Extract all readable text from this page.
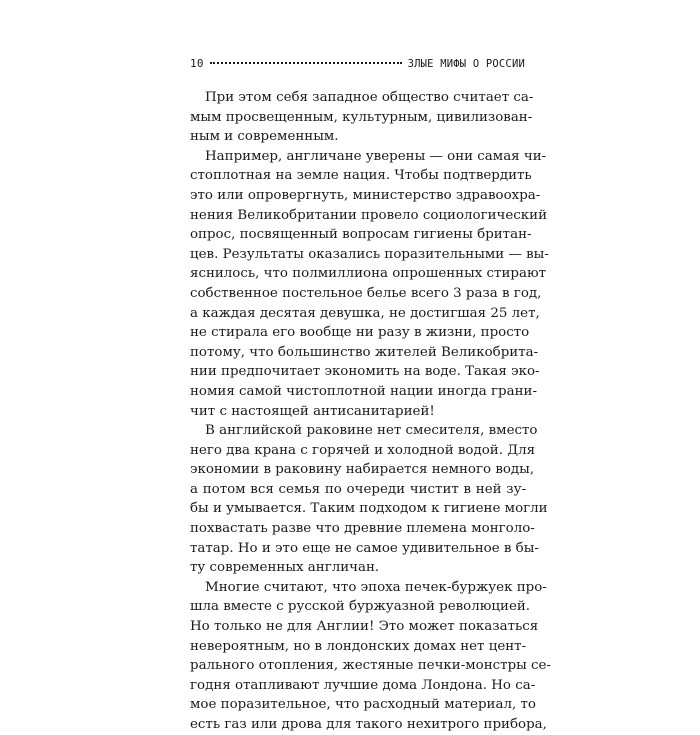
10	ЗЛЫЕ МИФЫ О РОССИИ
При этом себя западное общество считает са-
мым просвещенным, культурным, цивилизован-
ным и современным.
Например, англичане уверены — они самая чи-
стоплотная на земле нация. Чтобы подтвердить
это или опровергнуть, министерство здравоохра-
нения Великобритании провело социологический
опрос, посвященный вопросам гигиены британ-
цев. Результаты оказались поразительными — вы-
яснилось, что полмиллиона опрошенных стирают
собственное постельное белье всего 3 раза в год,
а каждая десятая девушка, не достигшая 25 лет,
не стирала его вообще ни разу в жизни, просто
потому, что большинство жителей Великобрита-
нии предпочитает экономить на воде. Такая эко-
номия самой чистоплотной нации иногда грани-
чит с настоящей антисанитарией!
В английской раковине нет смесителя, вместо
него два крана с горячей и холодной водой. Для
экономии в раковину набирается немного воды,
а потом вся семья по очереди чистит в ней зу-
бы и умывается. Таким подходом к гигиене могли
похвастать разве что древние племена монголо-
татар. Но и это еще не самое удивительное в бы-
ту современных англичан.
Многие считают, что эпоха печек-буржуек про-
шла вместе с русской буржуазной революцией.
Но только не для Англии! Это может показаться
невероятным, но в лондонских домах нет цент-
рального отопления, жестяные печки-монстры се-
годня отапливают лучшие дома Лондона. Но са-
мое поразительное, что расходный материал, то
есть газ или дрова для такого нехитрого прибора,
